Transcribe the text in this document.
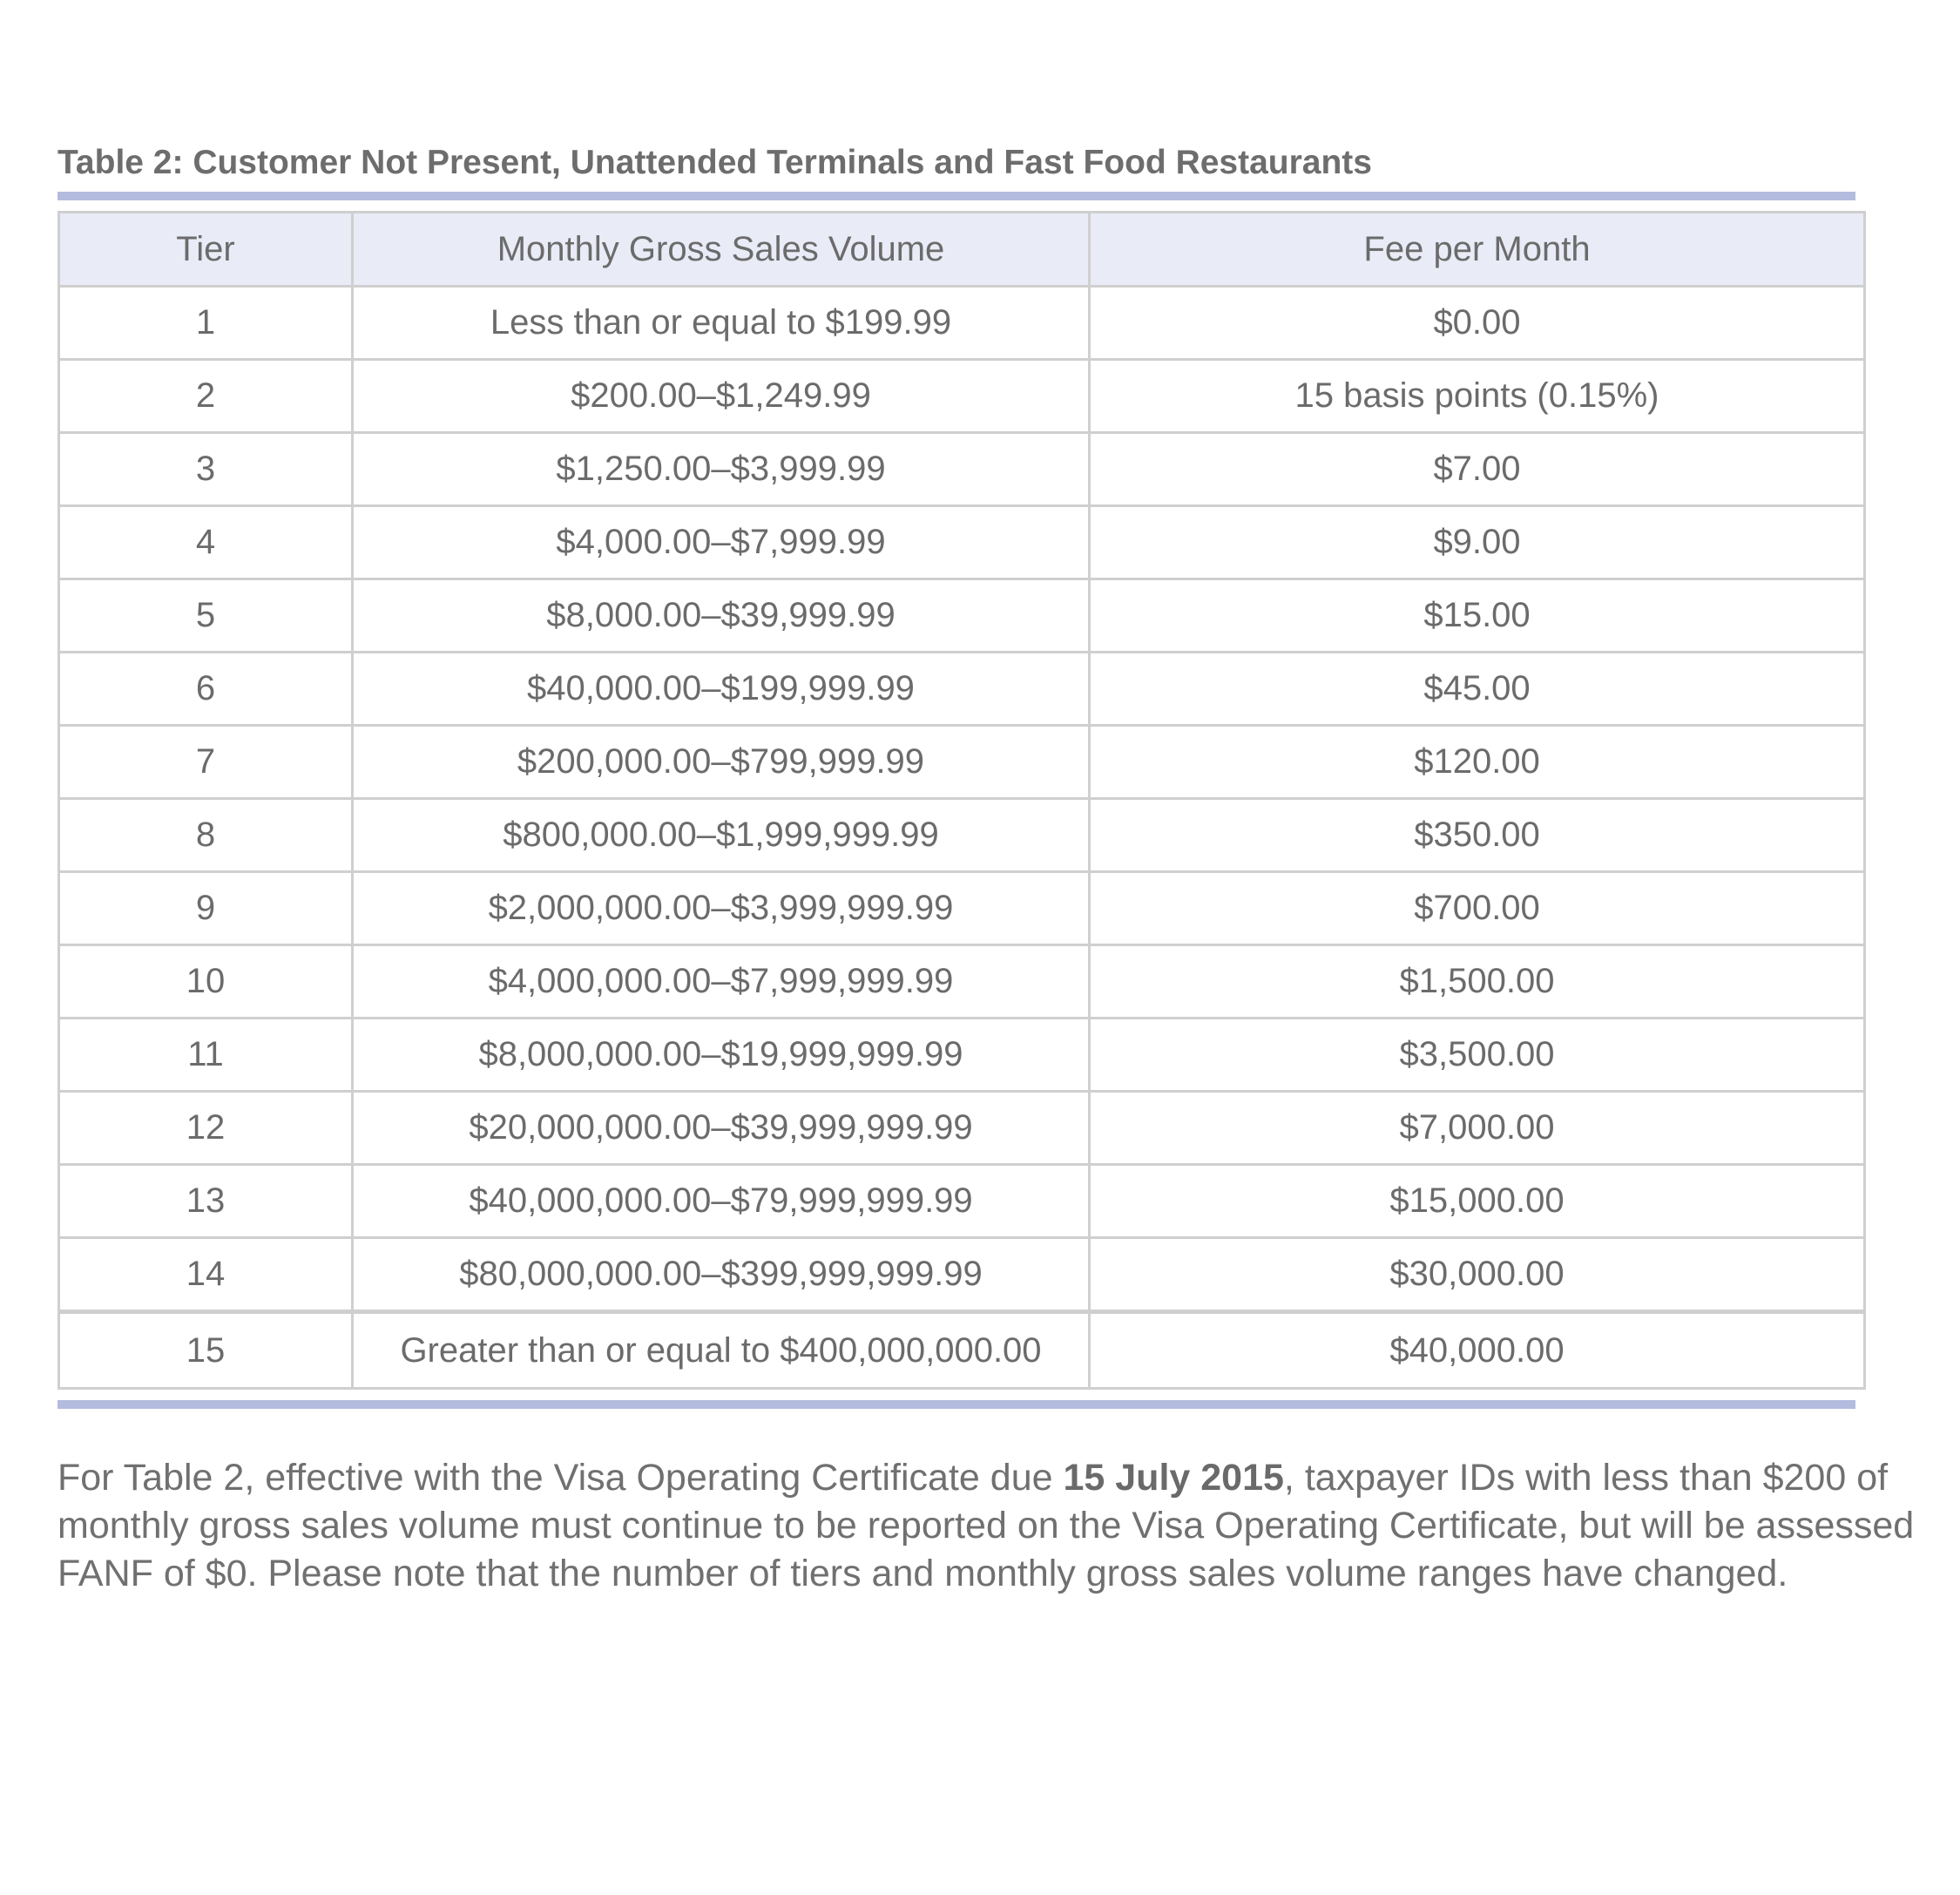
Table 2: Customer Not Present, Unattended Terminals and Fast Food Restaurants
Tier	Monthly Gross Sales Volume	Fee per Month
1	Less than or equal to $199.99	$0.00
2	$200.00–$1,249.99	15 basis points (0.15%)
3	$1,250.00–$3,999.99	$7.00
4	$4,000.00–$7,999.99	$9.00
5	$8,000.00–$39,999.99	$15.00
6	$40,000.00–$199,999.99	$45.00
7	$200,000.00–$799,999.99	$120.00
8	$800,000.00–$1,999,999.99	$350.00
9	$2,000,000.00–$3,999,999.99	$700.00
10	$4,000,000.00–$7,999,999.99	$1,500.00
11	$8,000,000.00–$19,999,999.99	$3,500.00
12	$20,000,000.00–$39,999,999.99	$7,000.00
13	$40,000,000.00–$79,999,999.99	$15,000.00
14	$80,000,000.00–$399,999,999.99	$30,000.00
15	Greater than or equal to $400,000,000.00	$40,000.00

For Table 2, effective with the Visa Operating Certificate due 15 July 2015, taxpayer IDs with less than $200 of monthly gross sales volume must continue to be reported on the Visa Operating Certificate, but will be assessed FANF of $0. Please note that the number of tiers and monthly gross sales volume ranges have changed.
